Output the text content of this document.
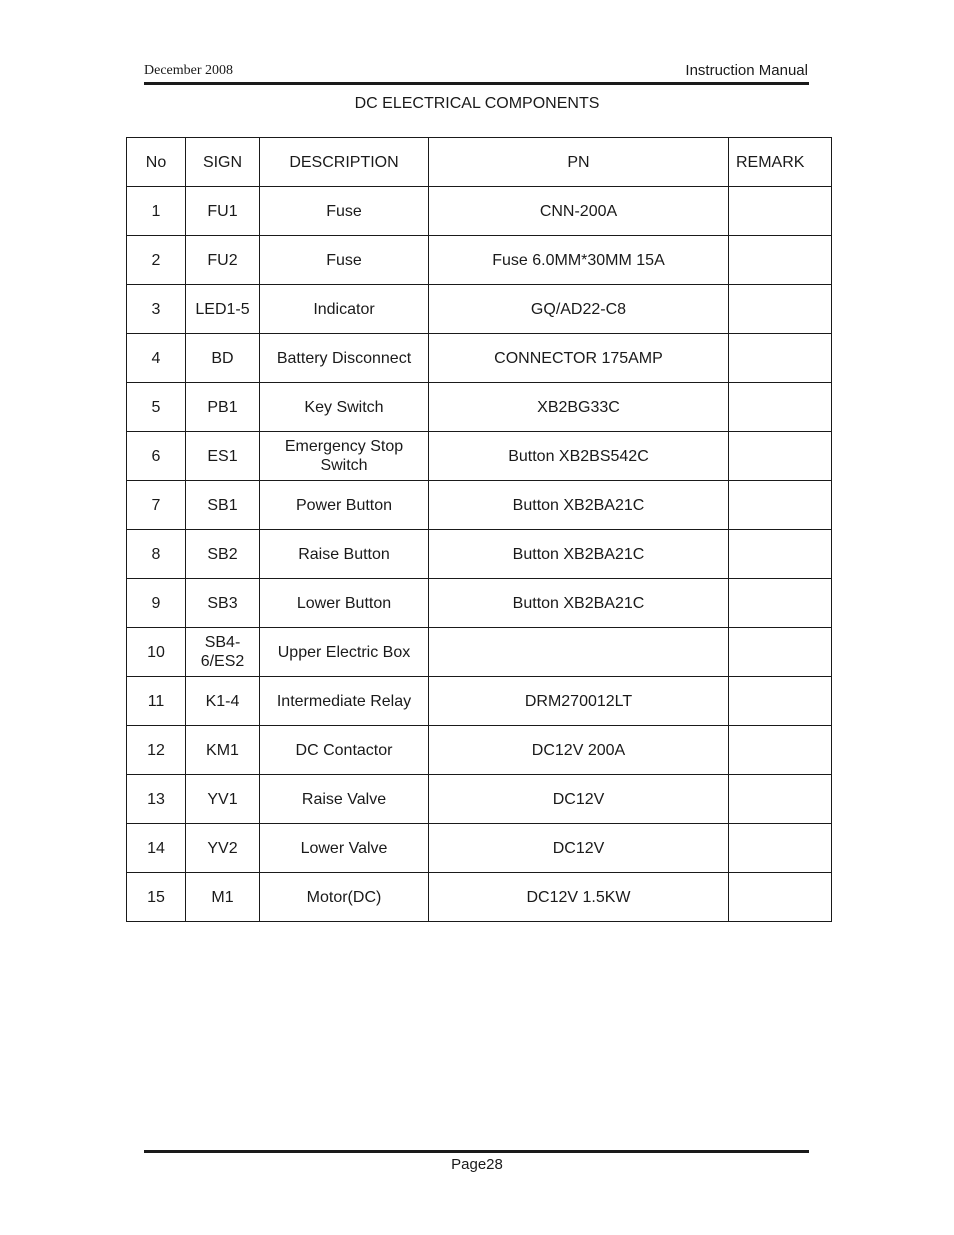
December 2008	Instruction Manual
DC ELECTRICAL COMPONENTS
No	SIGN	DESCRIPTION	PN	REMARK
1	FU1	Fuse	CNN-200A	
2	FU2	Fuse	Fuse 6.0MM*30MM 15A	
3	LED1-5	Indicator	GQ/AD22-C8	
4	BD	Battery Disconnect	CONNECTOR 175AMP	
5	PB1	Key Switch	XB2BG33C	
6	ES1	Emergency Stop Switch	Button XB2BS542C	
7	SB1	Power Button	Button XB2BA21C	
8	SB2	Raise Button	Button XB2BA21C	
9	SB3	Lower Button	Button XB2BA21C	
10	SB4-6/ES2	Upper Electric Box		
11	K1-4	Intermediate Relay	DRM270012LT	
12	KM1	DC Contactor	DC12V 200A	
13	YV1	Raise Valve	DC12V	
14	YV2	Lower Valve	DC12V	
15	M1	Motor(DC)	DC12V 1.5KW	
Page28
